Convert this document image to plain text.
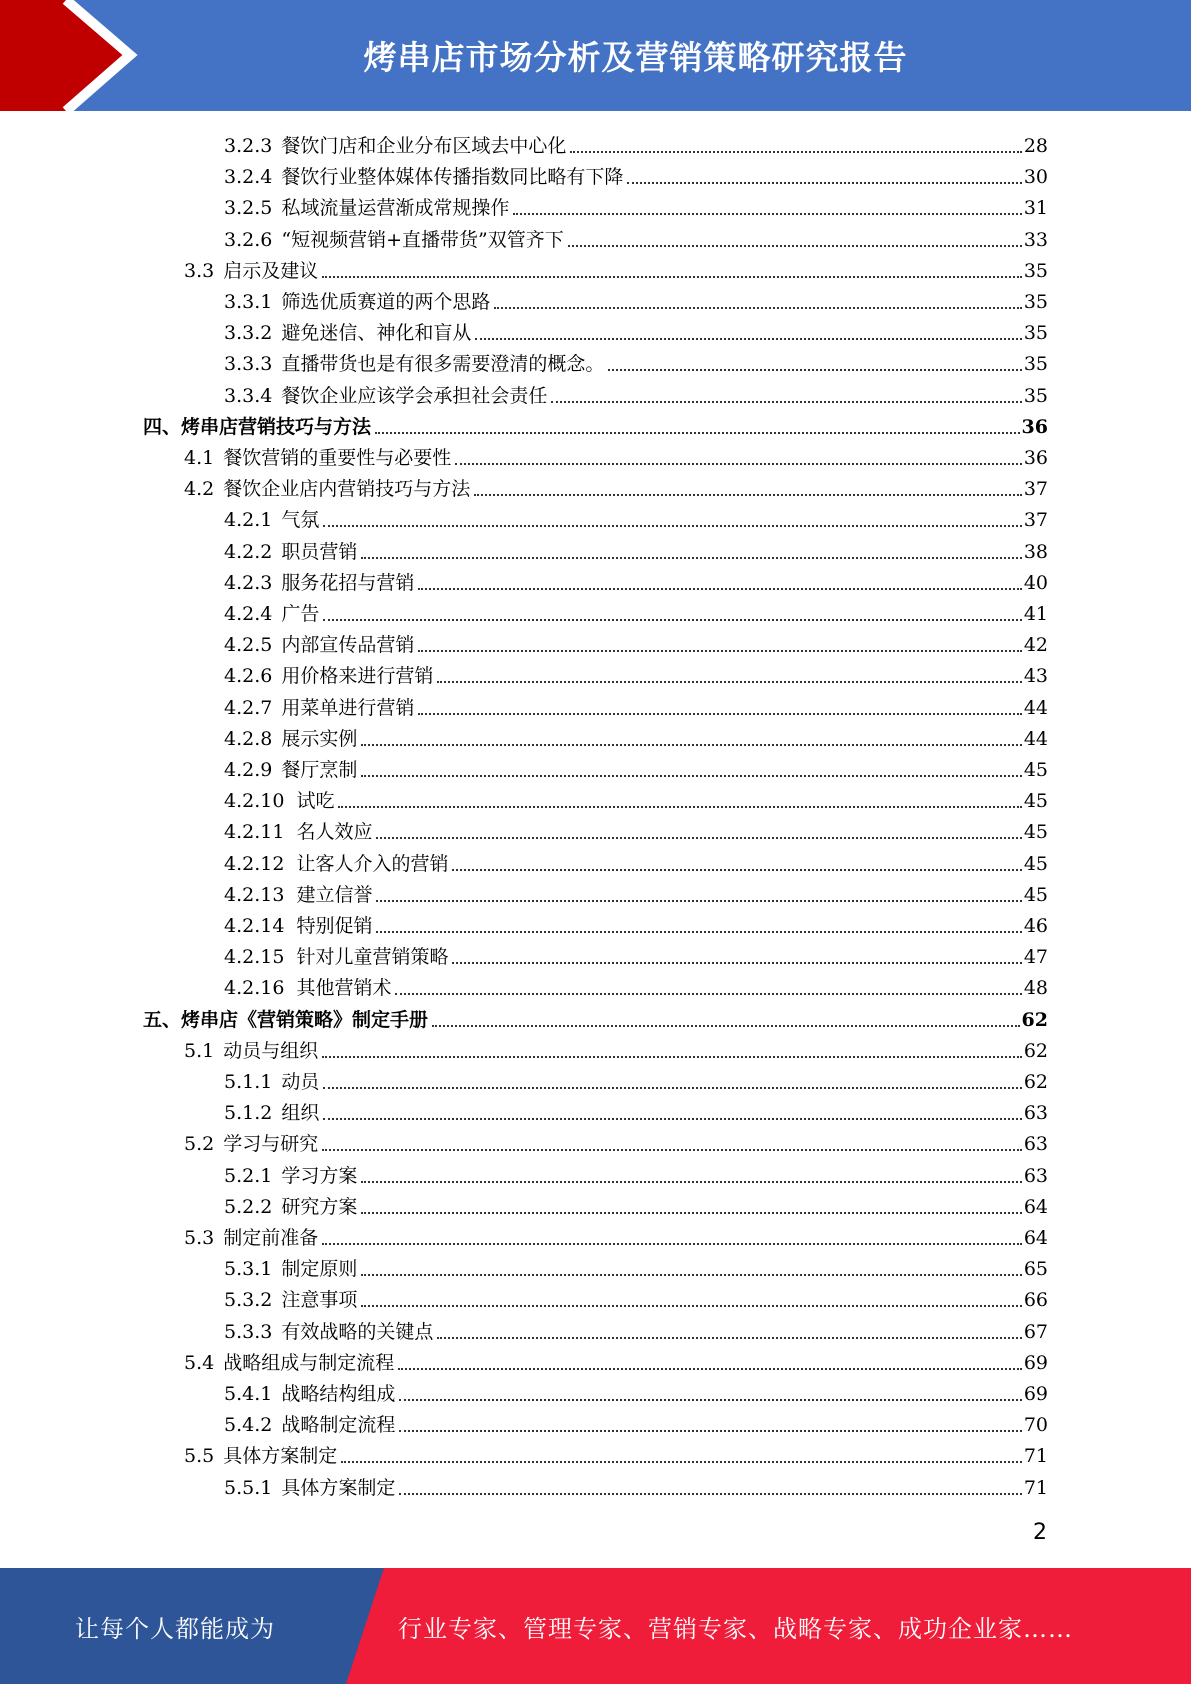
烤串店市场分析及营销策略研究报告
3.2.3 餐饮门店和企业分布区域去中心化	28
3.2.4 餐饮行业整体媒体传播指数同比略有下降	30
3.2.5 私域流量运营渐成常规操作	31
3.2.6 “短视频营销+直播带货”双管齐下	33
3.3 启示及建议	35
3.3.1 筛选优质赛道的两个思路	35
3.3.2 避免迷信、神化和盲从	35
3.3.3 直播带货也是有很多需要澄清的概念。	35
3.3.4 餐饮企业应该学会承担社会责任	35
四、 烤串店营销技巧与方法	36
4.1 餐饮营销的重要性与必要性	36
4.2 餐饮企业店内营销技巧与方法	37
4.2.1 气氛	37
4.2.2 职员营销	38
4.2.3 服务花招与营销	40
4.2.4 广告	41
4.2.5 内部宣传品营销	42
4.2.6 用价格来进行营销	43
4.2.7 用菜单进行营销	44
4.2.8 展示实例	44
4.2.9 餐厅烹制	45
4.2.10 试吃	45
4.2.11 名人效应	45
4.2.12 让客人介入的营销	45
4.2.13 建立信誉	45
4.2.14 特别促销	46
4.2.15 针对儿童营销策略	47
4.2.16 其他营销术	48
五、 烤串店《营销策略》制定手册	62
5.1 动员与组织	62
5.1.1 动员	62
5.1.2 组织	63
5.2 学习与研究	63
5.2.1 学习方案	63
5.2.2 研究方案	64
5.3 制定前准备	64
5.3.1 制定原则	65
5.3.2 注意事项	66
5.3.3 有效战略的关键点	67
5.4 战略组成与制定流程	69
5.4.1 战略结构组成	69
5.4.2 战略制定流程	70
5.5 具体方案制定	71
5.5.1 具体方案制定	71
2
让每个人都能成为	行业专家、管理专家、营销专家、战略专家、成功企业家……
